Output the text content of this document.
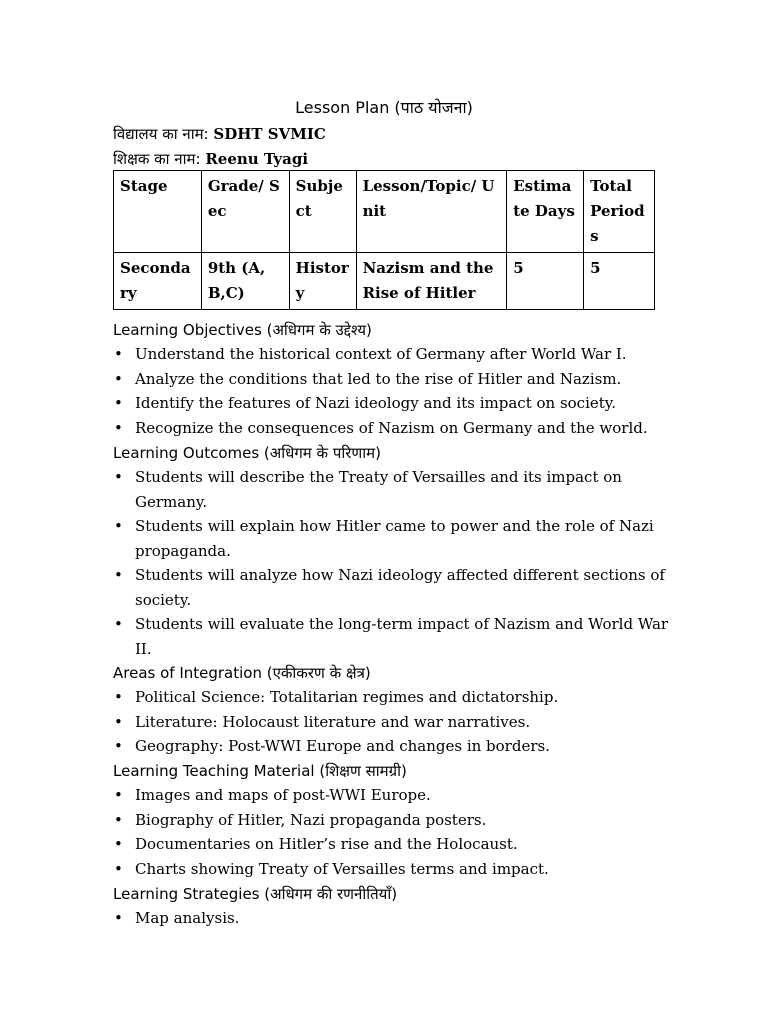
Lesson Plan (पाठ योजना)
विद्यालय का नाम: SDHT SVMIC
शिक्षक का नाम: Reenu Tyagi
Stage	Grade/ Sec	Subject	Lesson/Topic/ Unit	Estimate Days	Total Periods
Secondary	9th (A,B,C)	History	Nazism and the Rise of Hitler	5	5
Learning Objectives (अधिगम के उद्देश्य)
• Understand the historical context of Germany after World War I.
• Analyze the conditions that led to the rise of Hitler and Nazism.
• Identify the features of Nazi ideology and its impact on society.
• Recognize the consequences of Nazism on Germany and the world.
Learning Outcomes (अधिगम के परिणाम)
• Students will describe the Treaty of Versailles and its impact on Germany.
• Students will explain how Hitler came to power and the role of Nazi propaganda.
• Students will analyze how Nazi ideology affected different sections of society.
• Students will evaluate the long-term impact of Nazism and World War II.
Areas of Integration (एकीकरण के क्षेत्र)
• Political Science: Totalitarian regimes and dictatorship.
• Literature: Holocaust literature and war narratives.
• Geography: Post-WWI Europe and changes in borders.
Learning Teaching Material (शिक्षण सामग्री)
• Images and maps of post-WWI Europe.
• Biography of Hitler, Nazi propaganda posters.
• Documentaries on Hitler’s rise and the Holocaust.
• Charts showing Treaty of Versailles terms and impact.
Learning Strategies (अधिगम की रणनीतियाँ)
• Map analysis.
